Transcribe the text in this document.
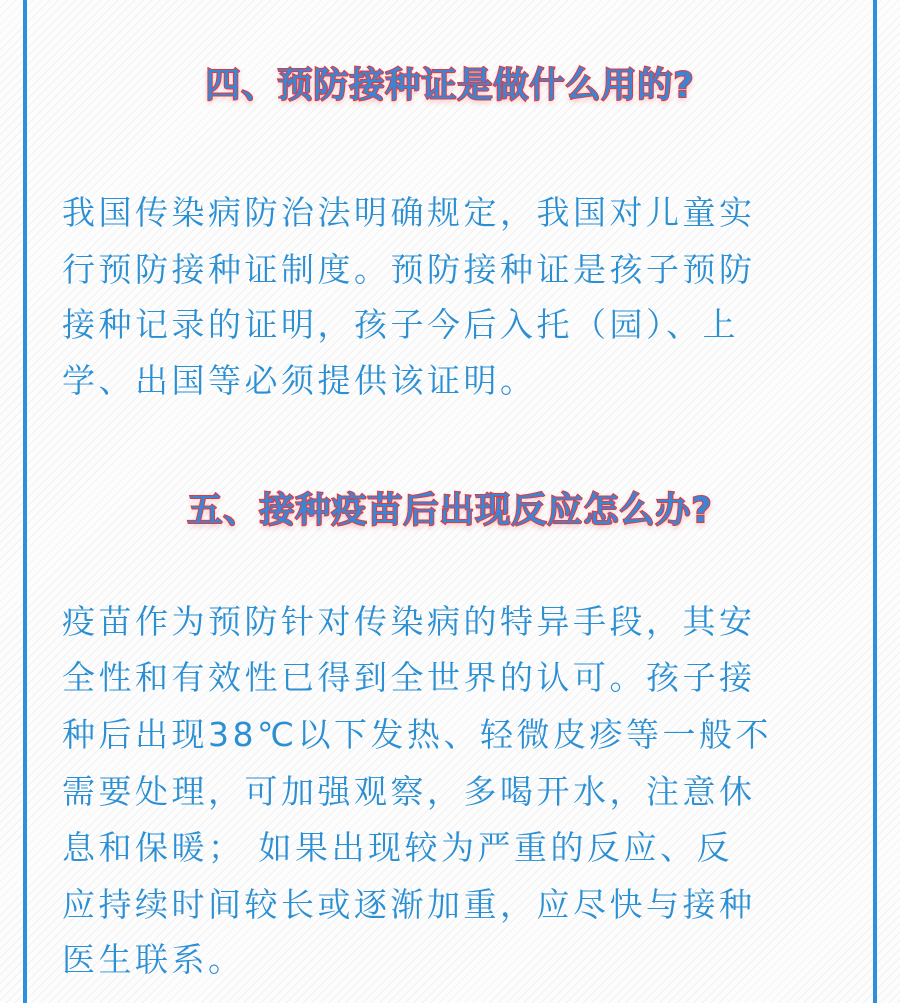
四、预防接种证是做什么用的?
我国传染病防治法明确规定，我国对儿童实
行预防接种证制度。预防接种证是孩子预防
接种记录的证明，孩子今后入托（园）、上
学、出国等必须提供该证明。
五、接种疫苗后出现反应怎么办?
疫苗作为预防针对传染病的特异手段，其安
全性和有效性已得到全世界的认可。孩子接
种后出现38℃以下发热、轻微皮疹等一般不
需要处理，可加强观察，多喝开水，注意休
息和保暖； 如果出现较为严重的反应、反
应持续时间较长或逐渐加重，应尽快与接种
医生联系。
